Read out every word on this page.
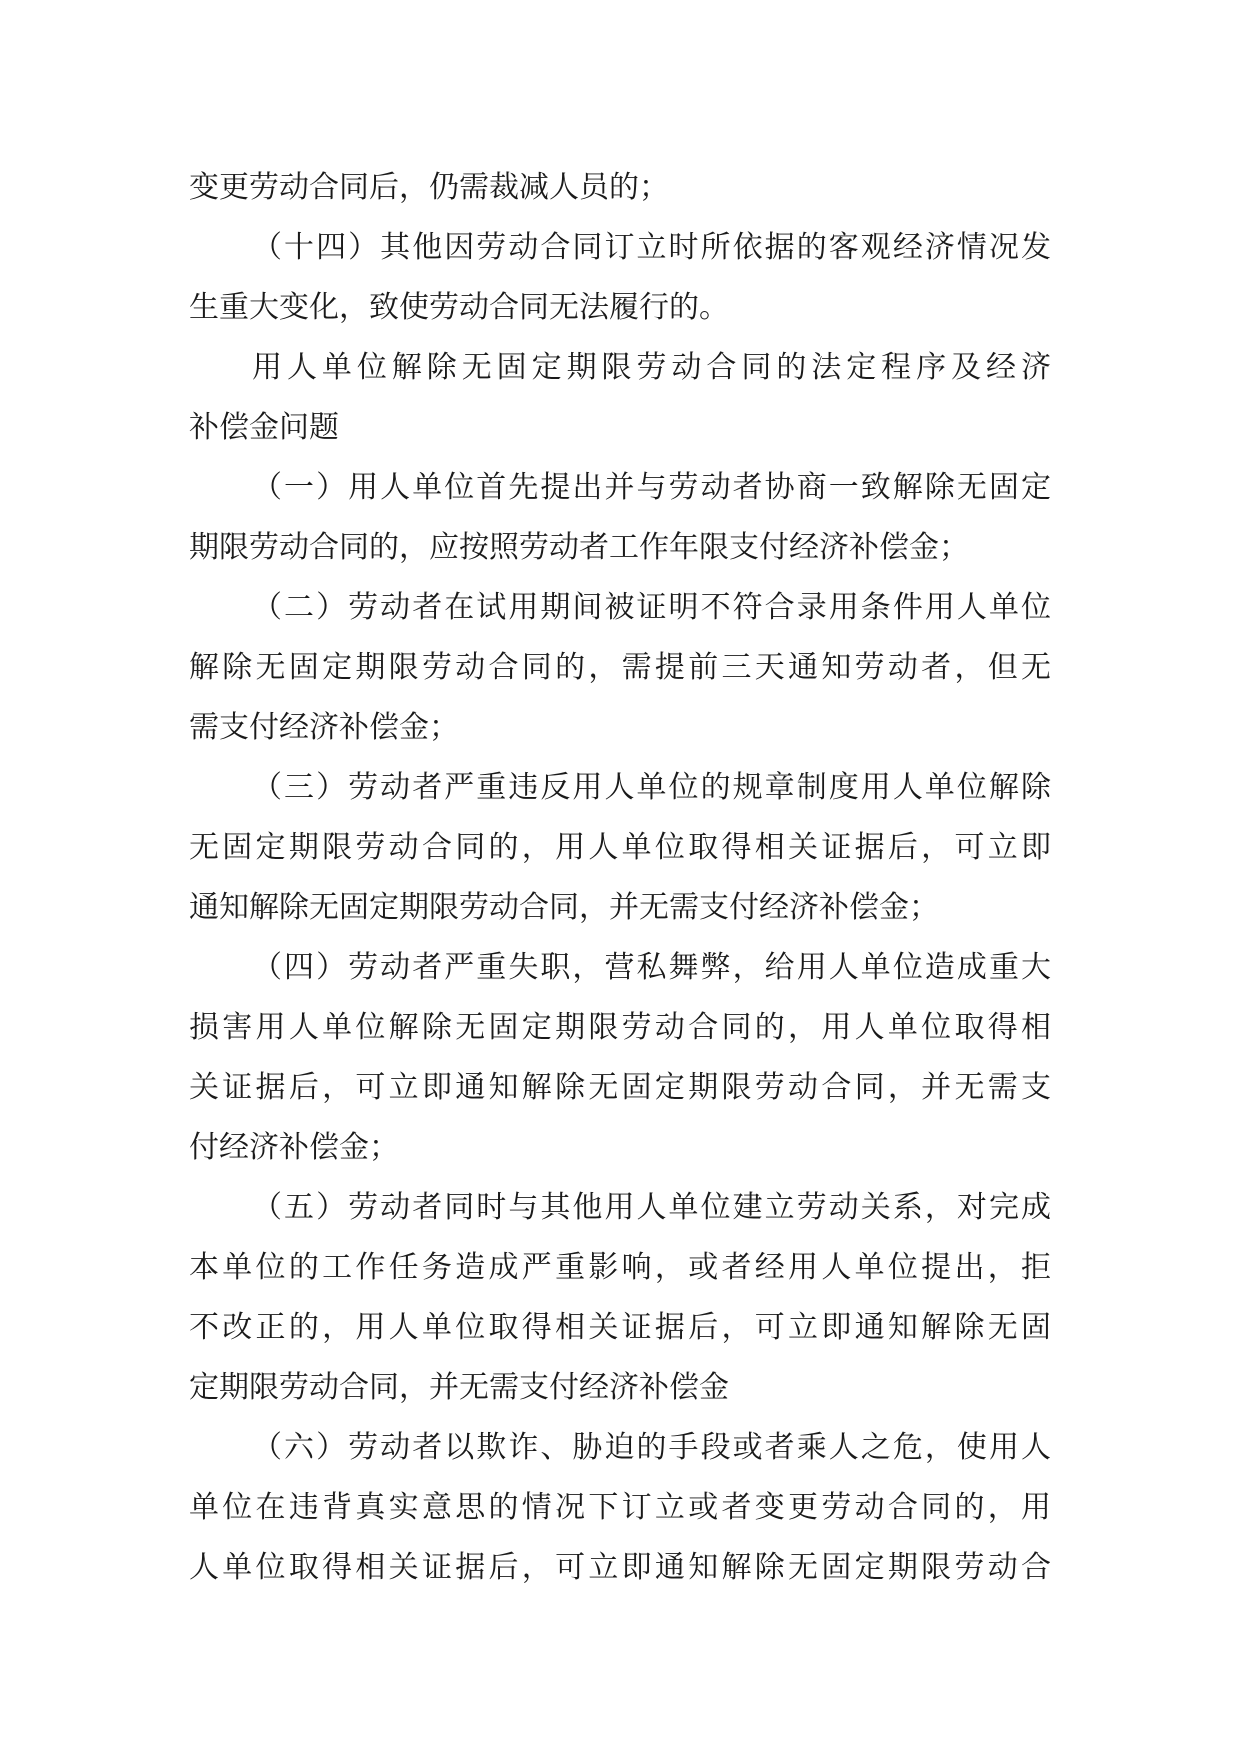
变更劳动合同后，仍需裁减人员的；
（十四）其他因劳动合同订立时所依据的客观经济情况发
生重大变化，致使劳动合同无法履行的。
用人单位解除无固定期限劳动合同的法定程序及经济
补偿金问题
（一）用人单位首先提出并与劳动者协商一致解除无固定
期限劳动合同的，应按照劳动者工作年限支付经济补偿金；
（二）劳动者在试用期间被证明不符合录用条件用人单位
解除无固定期限劳动合同的，需提前三天通知劳动者，但无
需支付经济补偿金；
（三）劳动者严重违反用人单位的规章制度用人单位解除
无固定期限劳动合同的，用人单位取得相关证据后，可立即
通知解除无固定期限劳动合同，并无需支付经济补偿金；
（四）劳动者严重失职，营私舞弊，给用人单位造成重大
损害用人单位解除无固定期限劳动合同的，用人单位取得相
关证据后，可立即通知解除无固定期限劳动合同，并无需支
付经济补偿金；
（五）劳动者同时与其他用人单位建立劳动关系，对完成
本单位的工作任务造成严重影响，或者经用人单位提出，拒
不改正的，用人单位取得相关证据后，可立即通知解除无固
定期限劳动合同，并无需支付经济补偿金
（六）劳动者以欺诈、胁迫的手段或者乘人之危，使用人
单位在违背真实意思的情况下订立或者变更劳动合同的，用
人单位取得相关证据后，可立即通知解除无固定期限劳动合
